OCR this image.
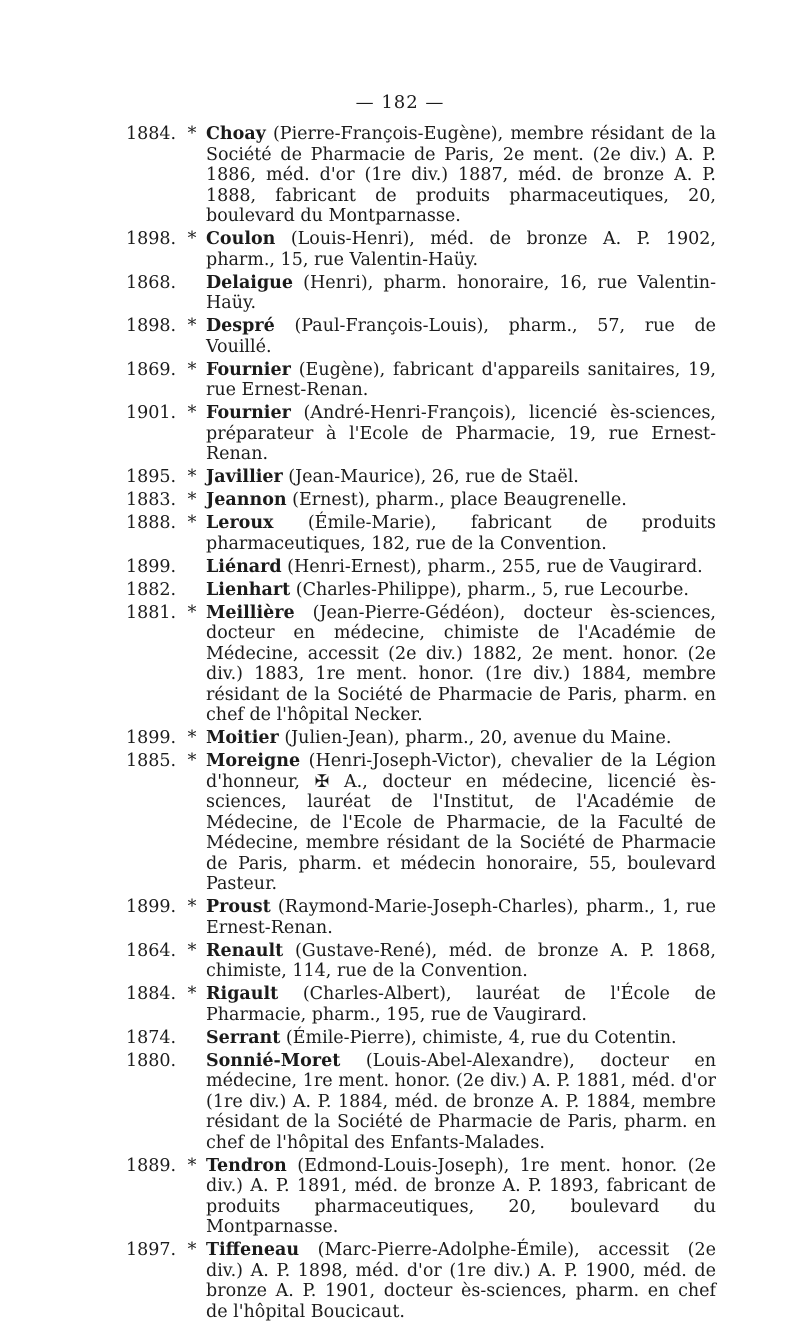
— 182 —
1884. * Choay (Pierre-François-Eugène), membre résidant de la Société de Pharmacie de Paris, 2e ment. (2e div.) A. P. 1886, méd. d'or (1re div.) 1887, méd. de bronze A. P. 1888, fabricant de produits pharmaceutiques, 20, boulevard du Montparnasse.
1898. * Coulon (Louis-Henri), méd. de bronze A. P. 1902, pharm., 15, rue Valentin-Haüy.
1868. Delaigue (Henri), pharm. honoraire, 16, rue Valentin-Haüy.
1898. * Despré (Paul-François-Louis), pharm., 57, rue de Vouillé.
1869. * Fournier (Eugène), fabricant d'appareils sanitaires, 19, rue Ernest-Renan.
1901. * Fournier (André-Henri-François), licencié ès-sciences, préparateur à l'Ecole de Pharmacie, 19, rue Ernest-Renan.
1895. * Javillier (Jean-Maurice), 26, rue de Staël.
1883. * Jeannon (Ernest), pharm., place Beaugrenelle.
1888. * Leroux (Émile-Marie), fabricant de produits pharmaceutiques, 182, rue de la Convention.
1899. Liénard (Henri-Ernest), pharm., 255, rue de Vaugirard.
1882. Lienhart (Charles-Philippe), pharm., 5, rue Lecourbe.
1881. * Meillière (Jean-Pierre-Gédéon), docteur ès-sciences, docteur en médecine, chimiste de l'Académie de Médecine, accessit (2e div.) 1882, 2e ment. honor. (2e div.) 1883, 1re ment. honor. (1re div.) 1884, membre résidant de la Société de Pharmacie de Paris, pharm. en chef de l'hôpital Necker.
1899. * Moitier (Julien-Jean), pharm., 20, avenue du Maine.
1885. * Moreigne (Henri-Joseph-Victor), chevalier de la Légion d'honneur, ✠ A., docteur en médecine, licencié ès-sciences, lauréat de l'Institut, de l'Académie de Médecine, de l'Ecole de Pharmacie, de la Faculté de Médecine, membre résidant de la Société de Pharmacie de Paris, pharm. et médecin honoraire, 55, boulevard Pasteur.
1899. * Proust (Raymond-Marie-Joseph-Charles), pharm., 1, rue Ernest-Renan.
1864. * Renault (Gustave-René), méd. de bronze A. P. 1868, chimiste, 114, rue de la Convention.
1884. * Rigault (Charles-Albert), lauréat de l'École de Pharmacie, pharm., 195, rue de Vaugirard.
1874. Serrant (Émile-Pierre), chimiste, 4, rue du Cotentin.
1880. Sonnié-Moret (Louis-Abel-Alexandre), docteur en médecine, 1re ment. honor. (2e div.) A. P. 1881, méd. d'or (1re div.) A. P. 1884, méd. de bronze A. P. 1884, membre résidant de la Société de Pharmacie de Paris, pharm. en chef de l'hôpital des Enfants-Malades.
1889. * Tendron (Edmond-Louis-Joseph), 1re ment. honor. (2e div.) A. P. 1891, méd. de bronze A. P. 1893, fabricant de produits pharmaceutiques, 20, boulevard du Montparnasse.
1897. * Tiffeneau (Marc-Pierre-Adolphe-Émile), accessit (2e div.) A. P. 1898, méd. d'or (1re div.) A. P. 1900, méd. de bronze A. P. 1901, docteur ès-sciences, pharm. en chef de l'hôpital Boucicaut.
